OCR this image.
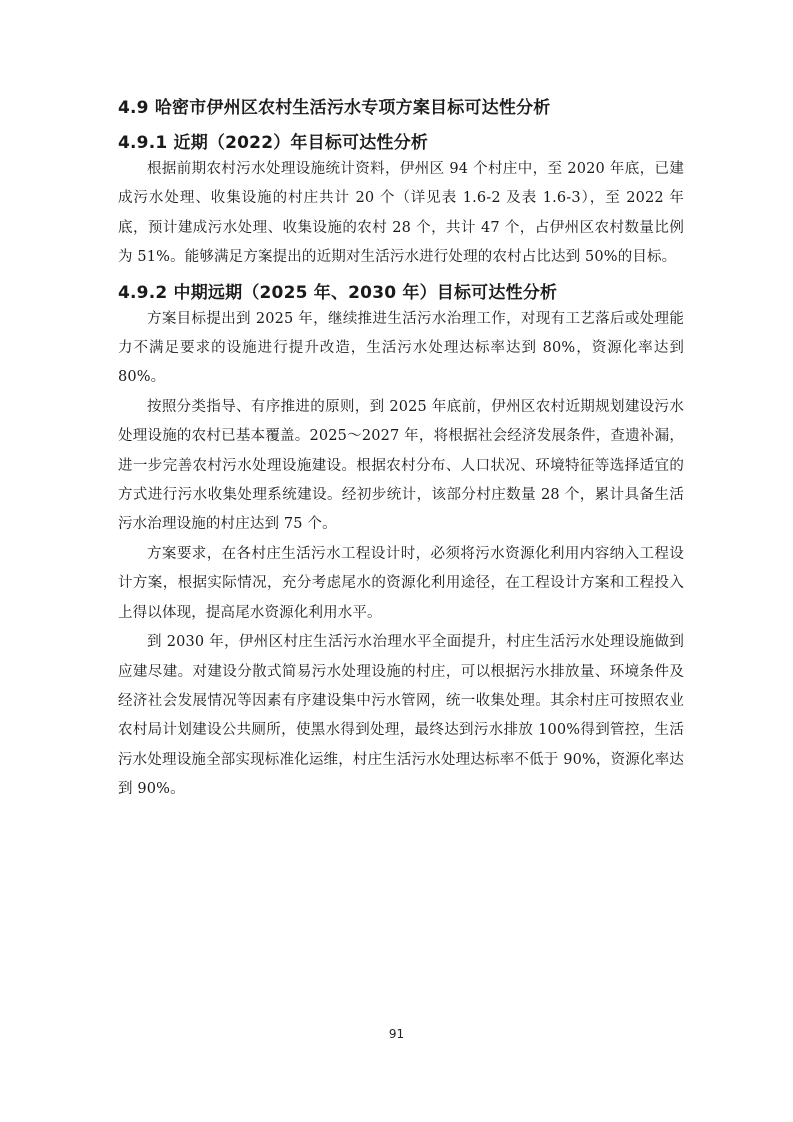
4.9 哈密市伊州区农村生活污水专项方案目标可达性分析
4.9.1 近期（2022）年目标可达性分析

根据前期农村污水处理设施统计资料，伊州区 94 个村庄中，至 2020 年底，已建成污水处理、收集设施的村庄共计 20 个（详见表 1.6-2 及表 1.6-3），至 2022 年底，预计建成污水处理、收集设施的农村 28 个，共计 47 个，占伊州区农村数量比例为 51%。能够满足方案提出的近期对生活污水进行处理的农村占比达到 50%的目标。

4.9.2 中期远期（2025 年、2030 年）目标可达性分析

方案目标提出到 2025 年，继续推进生活污水治理工作，对现有工艺落后或处理能力不满足要求的设施进行提升改造，生活污水处理达标率达到 80%，资源化率达到 80%。

按照分类指导、有序推进的原则，到 2025 年底前，伊州区农村近期规划建设污水处理设施的农村已基本覆盖。2025～2027 年，将根据社会经济发展条件，查遗补漏，进一步完善农村污水处理设施建设。根据农村分布、人口状况、环境特征等选择适宜的方式进行污水收集处理系统建设。经初步统计，该部分村庄数量 28 个，累计具备生活污水治理设施的村庄达到 75 个。

方案要求，在各村庄生活污水工程设计时，必须将污水资源化利用内容纳入工程设计方案，根据实际情况，充分考虑尾水的资源化利用途径，在工程设计方案和工程投入上得以体现，提高尾水资源化利用水平。

到 2030 年，伊州区村庄生活污水治理水平全面提升，村庄生活污水处理设施做到应建尽建。对建设分散式简易污水处理设施的村庄，可以根据污水排放量、环境条件及经济社会发展情况等因素有序建设集中污水管网，统一收集处理。其余村庄可按照农业农村局计划建设公共厕所，使黑水得到处理，最终达到污水排放 100%得到管控，生活污水处理设施全部实现标准化运维，村庄生活污水处理达标率不低于 90%，资源化率达到 90%。

91
